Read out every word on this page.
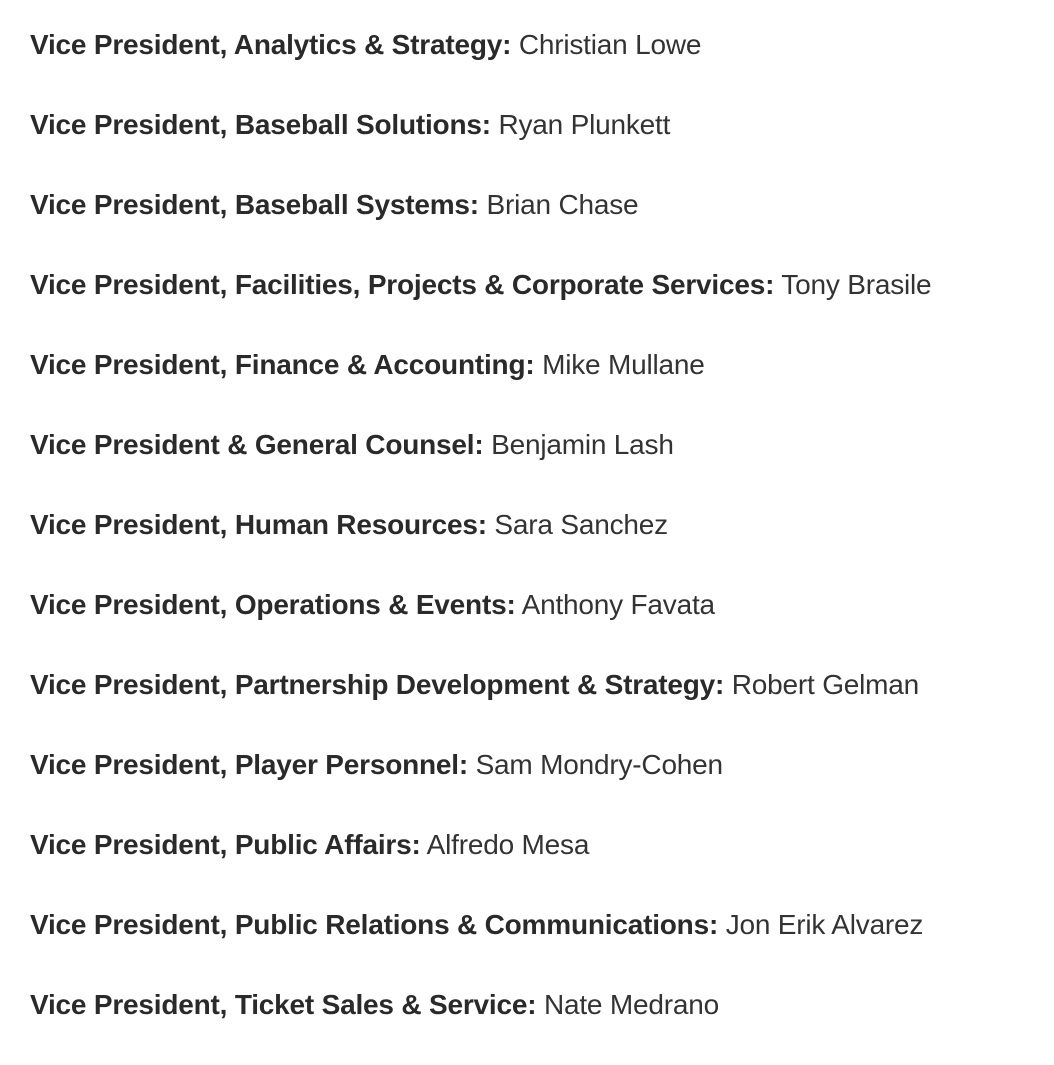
Vice President, Analytics & Strategy: Christian Lowe
Vice President, Baseball Solutions: Ryan Plunkett
Vice President, Baseball Systems: Brian Chase
Vice President, Facilities, Projects & Corporate Services: Tony Brasile
Vice President, Finance & Accounting: Mike Mullane
Vice President & General Counsel: Benjamin Lash
Vice President, Human Resources: Sara Sanchez
Vice President, Operations & Events: Anthony Favata
Vice President, Partnership Development & Strategy: Robert Gelman
Vice President, Player Personnel: Sam Mondry-Cohen
Vice President, Public Affairs: Alfredo Mesa
Vice President, Public Relations & Communications: Jon Erik Alvarez
Vice President, Ticket Sales & Service: Nate Medrano
